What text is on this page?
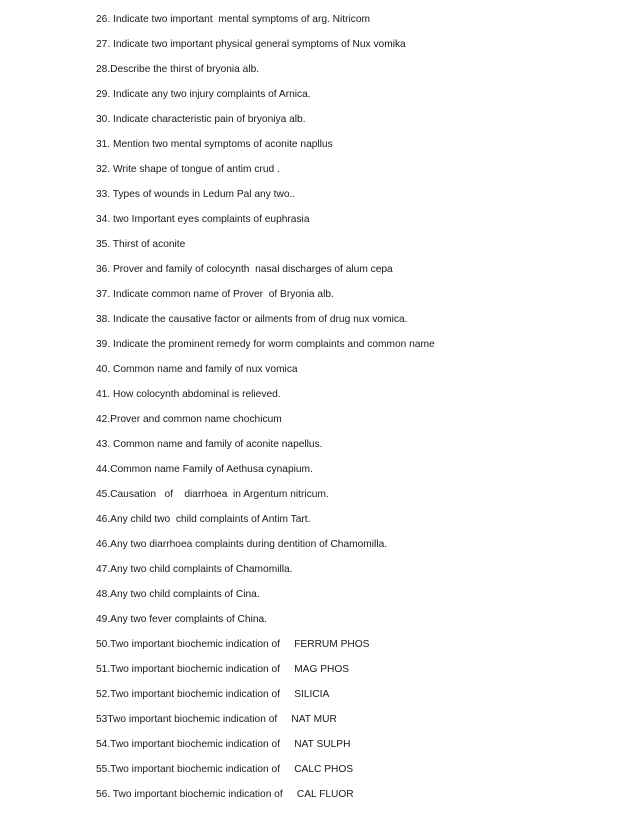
26. Indicate two important  mental symptoms of arg. Nitricom
27. Indicate two important physical general symptoms of Nux vomika
28.Describe the thirst of bryonia alb.
29. Indicate any two injury complaints of Arnica.
30. Indicate characteristic pain of bryoniya alb.
31. Mention two mental symptoms of aconite napllus
32. Write shape of tongue of antim crud .
33. Types of wounds in Ledum Pal any two..
34. two Important eyes complaints of euphrasia
35. Thirst of aconite
36. Prover and family of colocynth  nasal discharges of alum cepa
37. Indicate common name of Prover  of Bryonia alb.
38. Indicate the causative factor or ailments from of drug nux vomica.
39. Indicate the prominent remedy for worm complaints and common name
40. Common name and family of nux vomica
41. How colocynth abdominal is relieved.
42.Prover and common name chochicum
43. Common name and family of aconite napellus.
44.Common name Family of Aethusa cynapium.
45.Causation   of    diarrhoea  in Argentum nitricum.
46.Any child two  child complaints of Antim Tart.
46.Any two diarrhoea complaints during dentition of Chamomilla.
47.Any two child complaints of Chamomilla.
48.Any two child complaints of Cina.
49.Any two fever complaints of China.
50.Two important biochemic indication of     FERRUM PHOS
51.Two important biochemic indication of     MAG PHOS
52.Two important biochemic indication of     SILICIA
53Two important biochemic indication of     NAT MUR
54.Two important biochemic indication of     NAT SULPH
55.Two important biochemic indication of     CALC PHOS
56. Two important biochemic indication of     CAL FLUOR
